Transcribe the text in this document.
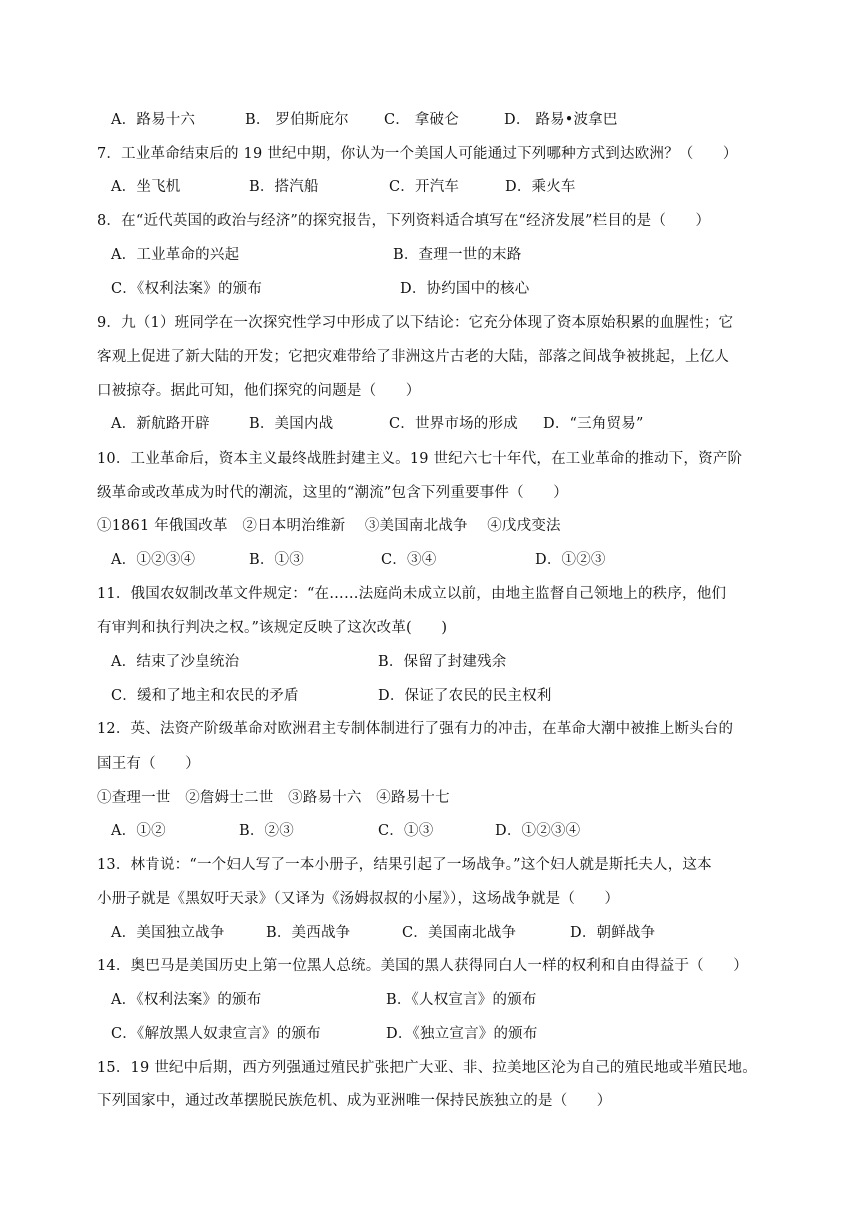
A．路易十六	B． 罗伯斯庇尔 C． 拿破仑	D． 路易•波拿巴
7．工业革命结束后的 19 世纪中期，你认为一个美国人可能通过下列哪种方式到达欧洲？（　　）
A．坐飞机	B．搭汽船	C．开汽车	D．乘火车
8．在“近代英国的政治与经济”的探究报告，下列资料适合填写在“经济发展”栏目的是（　　）
A．工业革命的兴起	B．查理一世的末路
C．《权利法案》的颁布	D．协约国中的核心
9．九（1）班同学在一次探究性学习中形成了以下结论：它充分体现了资本原始积累的血腥性；它
客观上促进了新大陆的开发；它把灾难带给了非洲这片古老的大陆，部落之间战争被挑起，上亿人
口被掠夺。据此可知，他们探究的问题是（　　）
A．新航路开辟	B．美国内战	C．世界市场的形成 D．“三角贸易”
10．工业革命后，资本主义最终战胜封建主义。19 世纪六七十年代，在工业革命的推动下，资产阶
级革命或改革成为时代的潮流，这里的“潮流”包含下列重要事件（　　）
①1861 年俄国改革　②日本明治维新　 ③美国南北战争　 ④戊戌变法
A．①②③④	B．①③	C．③④	D．①②③
11．俄国农奴制改革文件规定：“在……法庭尚未成立以前，由地主监督自己领地上的秩序，他们
有审判和执行判决之权。”该规定反映了这次改革(　　)
A．结束了沙皇统治	B．保留了封建残余
C．缓和了地主和农民的矛盾	D．保证了农民的民主权利
12．英、法资产阶级革命对欧洲君主专制体制进行了强有力的冲击，在革命大潮中被推上断头台的
国王有（　　）
①查理一世　②詹姆士二世　③路易十六　④路易十七
A．①②	B．②③	C．①③	D．①②③④
13．林肯说：“一个妇人写了一本小册子，结果引起了一场战争。”这个妇人就是斯托夫人，这本
小册子就是《黑奴吁天录》（又译为《汤姆叔叔的小屋》），这场战争就是（　　）
A．美国独立战争	B．美西战争	C．美国南北战争	D．朝鲜战争
14．奥巴马是美国历史上第一位黑人总统。美国的黑人获得同白人一样的权利和自由得益于（　　）
A．《权利法案》的颁布	B．《人权宣言》的颁布
C．《解放黑人奴隶宣言》的颁布	D．《独立宣言》的颁布
15．19 世纪中后期，西方列强通过殖民扩张把广大亚、非、拉美地区沦为自己的殖民地或半殖民地。
下列国家中，通过改革摆脱民族危机、成为亚洲唯一保持民族独立的是（　　）
